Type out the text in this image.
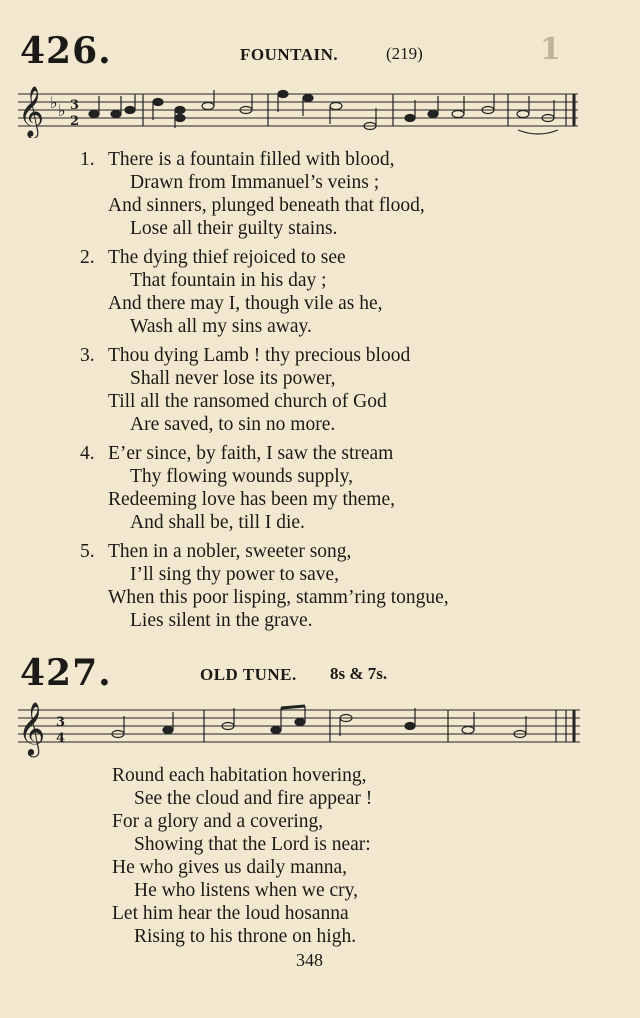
426.	FOUNTAIN.	(219)	1
𝄞 ♭ ♭ 3
2
1. There is a fountain filled with blood,
Drawn from Immanuel’s veins ;
And sinners, plunged beneath that flood,
Lose all their guilty stains.
2. The dying thief rejoiced to see
That fountain in his day ;
And there may I, though vile as he,
Wash all my sins away.
3. Thou dying Lamb ! thy precious blood
Shall never lose its power,
Till all the ransomed church of God
Are saved, to sin no more.
4. E’er since, by faith, I saw the stream
Thy flowing wounds supply,
Redeeming love has been my theme,
And shall be, till I die.
5. Then in a nobler, sweeter song,
I’ll sing thy power to save,
When this poor lisping, stamm’ring tongue,
Lies silent in the grave.
427.	OLD TUNE. 8s & 7s.
𝄞 3
4
Round each habitation hovering,
See the cloud and fire appear !
For a glory and a covering,
Showing that the Lord is near:
He who gives us daily manna,
He who listens when we cry,
Let him hear the loud hosanna
Rising to his throne on high.
348
